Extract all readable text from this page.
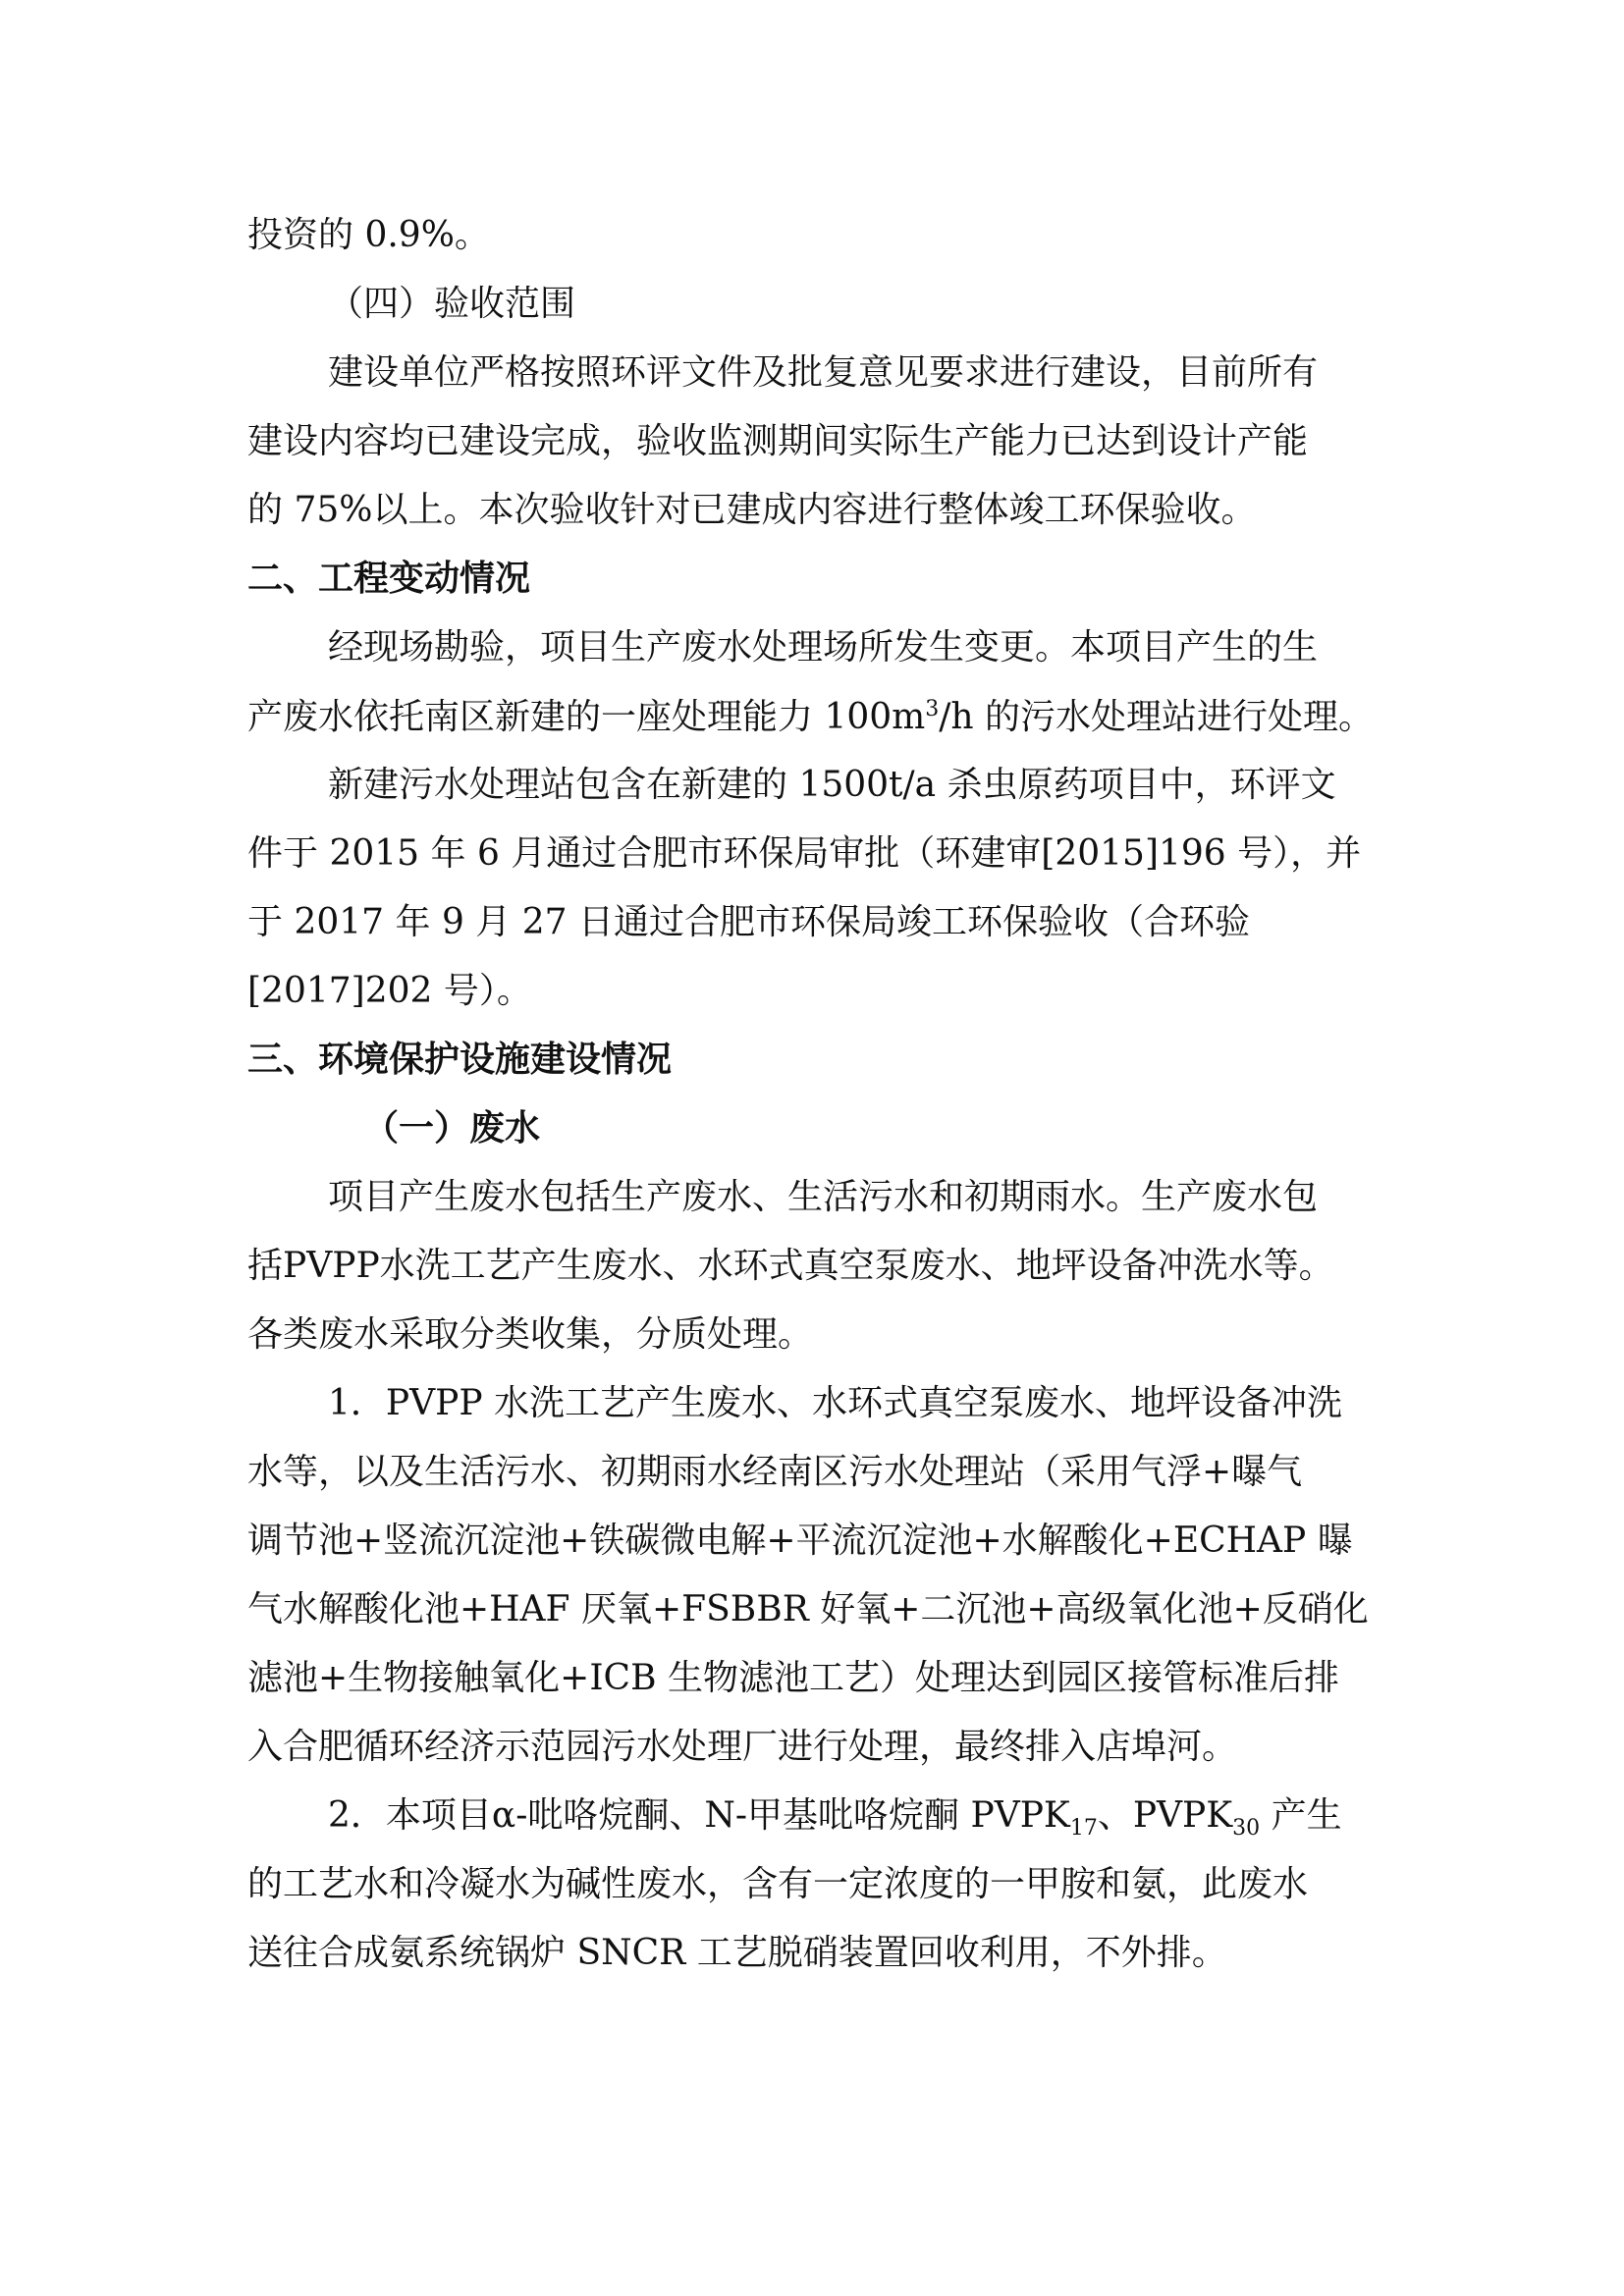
投资的 0.9%。
（四）验收范围
建设单位严格按照环评文件及批复意见要求进行建设，目前所有
建设内容均已建设完成，验收监测期间实际生产能力已达到设计产能
的 75%以上。本次验收针对已建成内容进行整体竣工环保验收。
二、工程变动情况
经现场勘验，项目生产废水处理场所发生变更。本项目产生的生
产废水依托南区新建的一座处理能力 $100m^3/h$ 的污水处理站进行处理。
新建污水处理站包含在新建的 1500t/a 杀虫原药项目中，环评文
件于 2015 年 6 月通过合肥市环保局审批（环建审[2015]196 号），并
于 2017 年 9 月 27 日通过合肥市环保局竣工环保验收（合环验
[2017]202 号）。
三、环境保护设施建设情况
（一）废水
项目产生废水包括生产废水、生活污水和初期雨水。生产废水包
括PVPP水洗工艺产生废水、水环式真空泵废水、地坪设备冲洗水等。
各类废水采取分类收集，分质处理。
1．PVPP 水洗工艺产生废水、水环式真空泵废水、地坪设备冲洗
水等，以及生活污水、初期雨水经南区污水处理站（采用气浮+曝气
调节池+竖流沉淀池+铁碳微电解+平流沉淀池+水解酸化+ECHAP 曝
气水解酸化池+HAF 厌氧+FSBBR 好氧+二沉池+高级氧化池+反硝化
滤池+生物接触氧化+ICB 生物滤池工艺）处理达到园区接管标准后排
入合肥循环经济示范园污水处理厂进行处理，最终排入店埠河。
2．本项目α-吡咯烷酮、N-甲基吡咯烷酮 $PVPK_{17}$、$PVPK_{30}$ 产生
的工艺水和冷凝水为碱性废水，含有一定浓度的一甲胺和氨，此废水
送往合成氨系统锅炉 SNCR 工艺脱硝装置回收利用，不外排。
